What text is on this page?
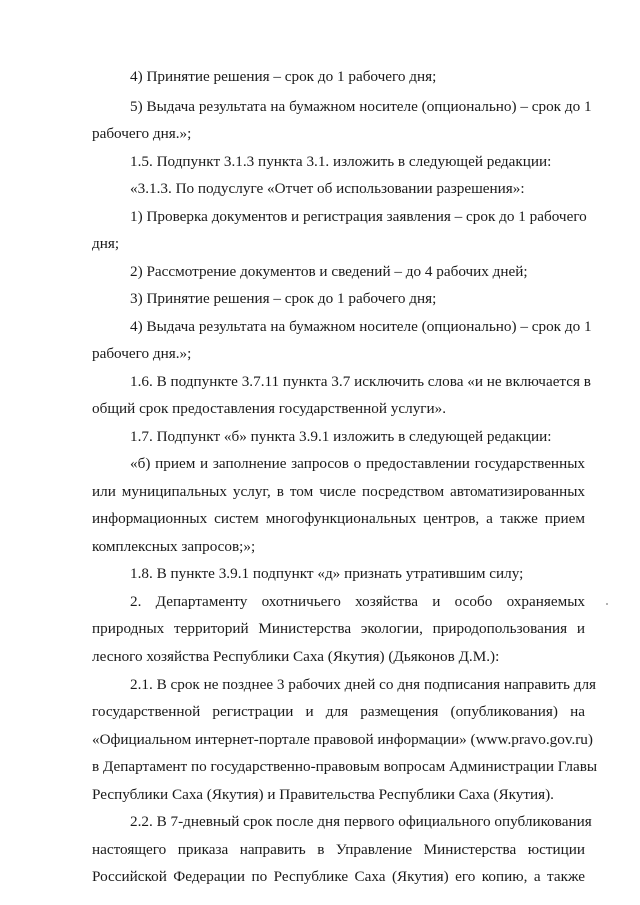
4) Принятие решения – срок до 1 рабочего дня;
5) Выдача результата на бумажном носителе (опционально) – срок до 1
рабочего дня.»;
1.5. Подпункт 3.1.3 пункта 3.1. изложить в следующей редакции:
«3.1.3. По подуслуге «Отчет об использовании разрешения»:
1) Проверка документов и регистрация заявления – срок до 1 рабочего
дня;
2) Рассмотрение документов и сведений – до 4 рабочих дней;
3) Принятие решения – срок до 1 рабочего дня;
4) Выдача результата на бумажном носителе (опционально) – срок до 1
рабочего дня.»;
1.6. В подпункте 3.7.11 пункта 3.7 исключить слова «и не включается в
общий срок предоставления государственной услуги».
1.7. Подпункт «б» пункта 3.9.1 изложить в следующей редакции:
«б) прием и заполнение запросов о предоставлении государственных
или муниципальных услуг, в том числе посредством автоматизированных
информационных систем многофункциональных центров, а также прием
комплексных запросов;»;
1.8. В пункте 3.9.1 подпункт «д» признать утратившим силу;
2. Департаменту охотничьего хозяйства и особо охраняемых
природных территорий Министерства экологии, природопользования и
лесного хозяйства Республики Саха (Якутия) (Дьяконов Д.М.):
2.1. В срок не позднее 3 рабочих дней со дня подписания направить для
государственной регистрации и для размещения (опубликования) на
«Официальном интернет-портале правовой информации» (www.pravo.gov.ru)
в Департамент по государственно-правовым вопросам Администрации Главы
Республики Саха (Якутия) и Правительства Республики Саха (Якутия).
2.2. В 7-дневный срок после дня первого официального опубликования
настоящего приказа направить в Управление Министерства юстиции
Российской Федерации по Республике Саха (Якутия) его копию, а также
